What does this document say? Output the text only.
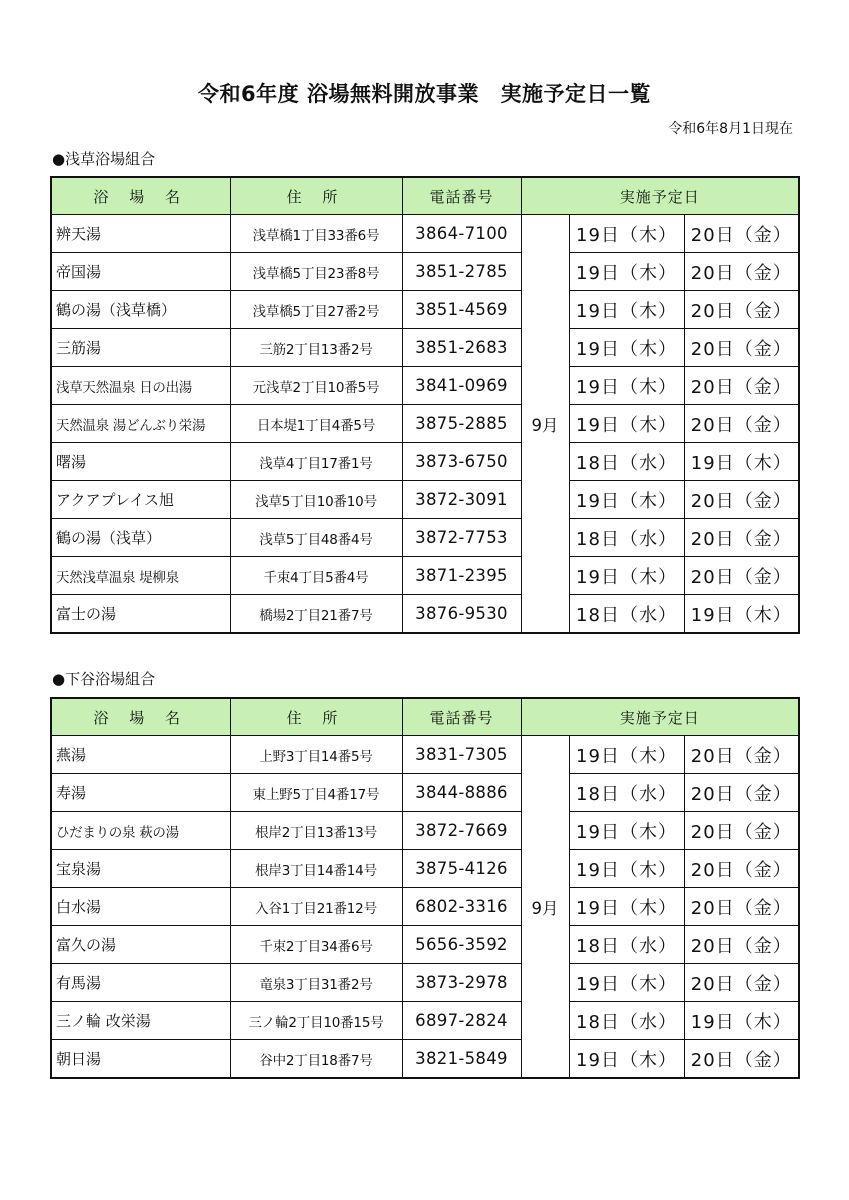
令和6年度 浴場無料開放事業　実施予定日一覧
令和6年8月1日現在
●浅草浴場組合
浴 場 名	住 所	電話番号	実施予定日		
辨天湯	浅草橋1丁目33番6号	3864-7100	9月	19日（木）	20日（金）
帝国湯	浅草橋5丁目23番8号	3851-2785		19日（木）	20日（金）
鶴の湯（浅草橋）	浅草橋5丁目27番2号	3851-4569		19日（木）	20日（金）
三筋湯	三筋2丁目13番2号	3851-2683		19日（木）	20日（金）
浅草天然温泉 日の出湯	元浅草2丁目10番5号	3841-0969		19日（木）	20日（金）
天然温泉 湯どんぶり栄湯	日本堤1丁目4番5号	3875-2885		19日（木）	20日（金）
曙湯	浅草4丁目17番1号	3873-6750		18日（水）	19日（木）
アクアプレイス旭	浅草5丁目10番10号	3872-3091		19日（木）	20日（金）
鶴の湯（浅草）	浅草5丁目48番4号	3872-7753		18日（水）	20日（金）
天然浅草温泉 堤柳泉	千束4丁目5番4号	3871-2395		19日（木）	20日（金）
富士の湯	橋場2丁目21番7号	3876-9530		18日（水）	19日（木）
●下谷浴場組合
浴 場 名	住 所	電話番号	実施予定日		
燕湯	上野3丁目14番5号	3831-7305	9月	19日（木）	20日（金）
寿湯	東上野5丁目4番17号	3844-8886		18日（水）	20日（金）
ひだまりの泉 萩の湯	根岸2丁目13番13号	3872-7669		19日（木）	20日（金）
宝泉湯	根岸3丁目14番14号	3875-4126		19日（木）	20日（金）
白水湯	入谷1丁目21番12号	6802-3316		19日（木）	20日（金）
富久の湯	千束2丁目34番6号	5656-3592		18日（水）	20日（金）
有馬湯	竜泉3丁目31番2号	3873-2978		19日（木）	20日（金）
三ノ輪 改栄湯	三ノ輪2丁目10番15号	6897-2824		18日（水）	19日（木）
朝日湯	谷中2丁目18番7号	3821-5849		19日（木）	20日（金）
